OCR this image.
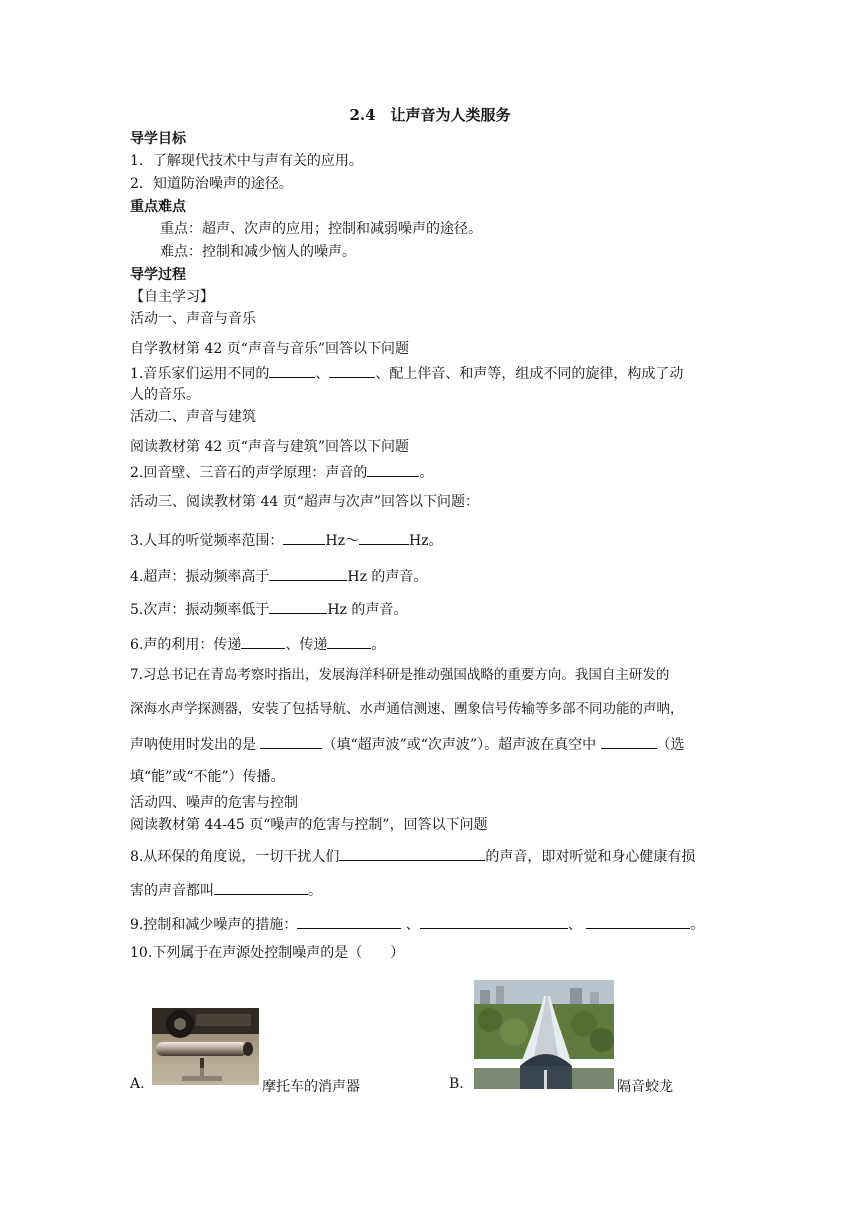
2.4　让声音为人类服务
导学目标
1．了解现代技术中与声有关的应用。
2．知道防治噪声的途径。
重点难点
重点：超声、次声的应用；控制和减弱噪声的途径。
难点：控制和减少恼人的噪声。
导学过程
【自主学习】
活动一、声音与音乐
自学教材第 42 页“声音与音乐”回答以下问题
1.音乐家们运用不同的	、	、配上伴音、和声等，组成不同的旋律，构成了动
人的音乐。
活动二、声音与建筑
阅读教材第 42 页“声音与建筑”回答以下问题
2.回音壁、三音石的声学原理：声音的	。
活动三、阅读教材第 44 页“超声与次声”回答以下问题：
3.人耳的听觉频率范围：	Hz～	Hz。
4.超声：振动频率高于	Hz 的声音。
5.次声：振动频率低于	Hz 的声音。
6.声的利用：传递	、传递	。
7.习总书记在青岛考察时指出，发展海洋科研是推动强国战略的重要方向。我国自主研发的
深海水声学探测器，安装了包括导航、水声通信测速、團象信号传输等多部不同功能的声呐，
声呐使用时发出的是	（填“超声波”或“次声波”）。超声波在真空中	（选
填“能”或“不能”）传播。
活动四、噪声的危害与控制
阅读教材第 44-45 页“噪声的危害与控制”，回答以下问题
8.从环保的角度说，一切干扰人们	的声音，即对听觉和身心健康有损
害的声音都叫	。
9.控制和减少噪声的措施：	、	、	。
10.下列属于在声源处控制噪声的是（　　）
A.	摩托车的消声器	B.	隔音蛟龙
